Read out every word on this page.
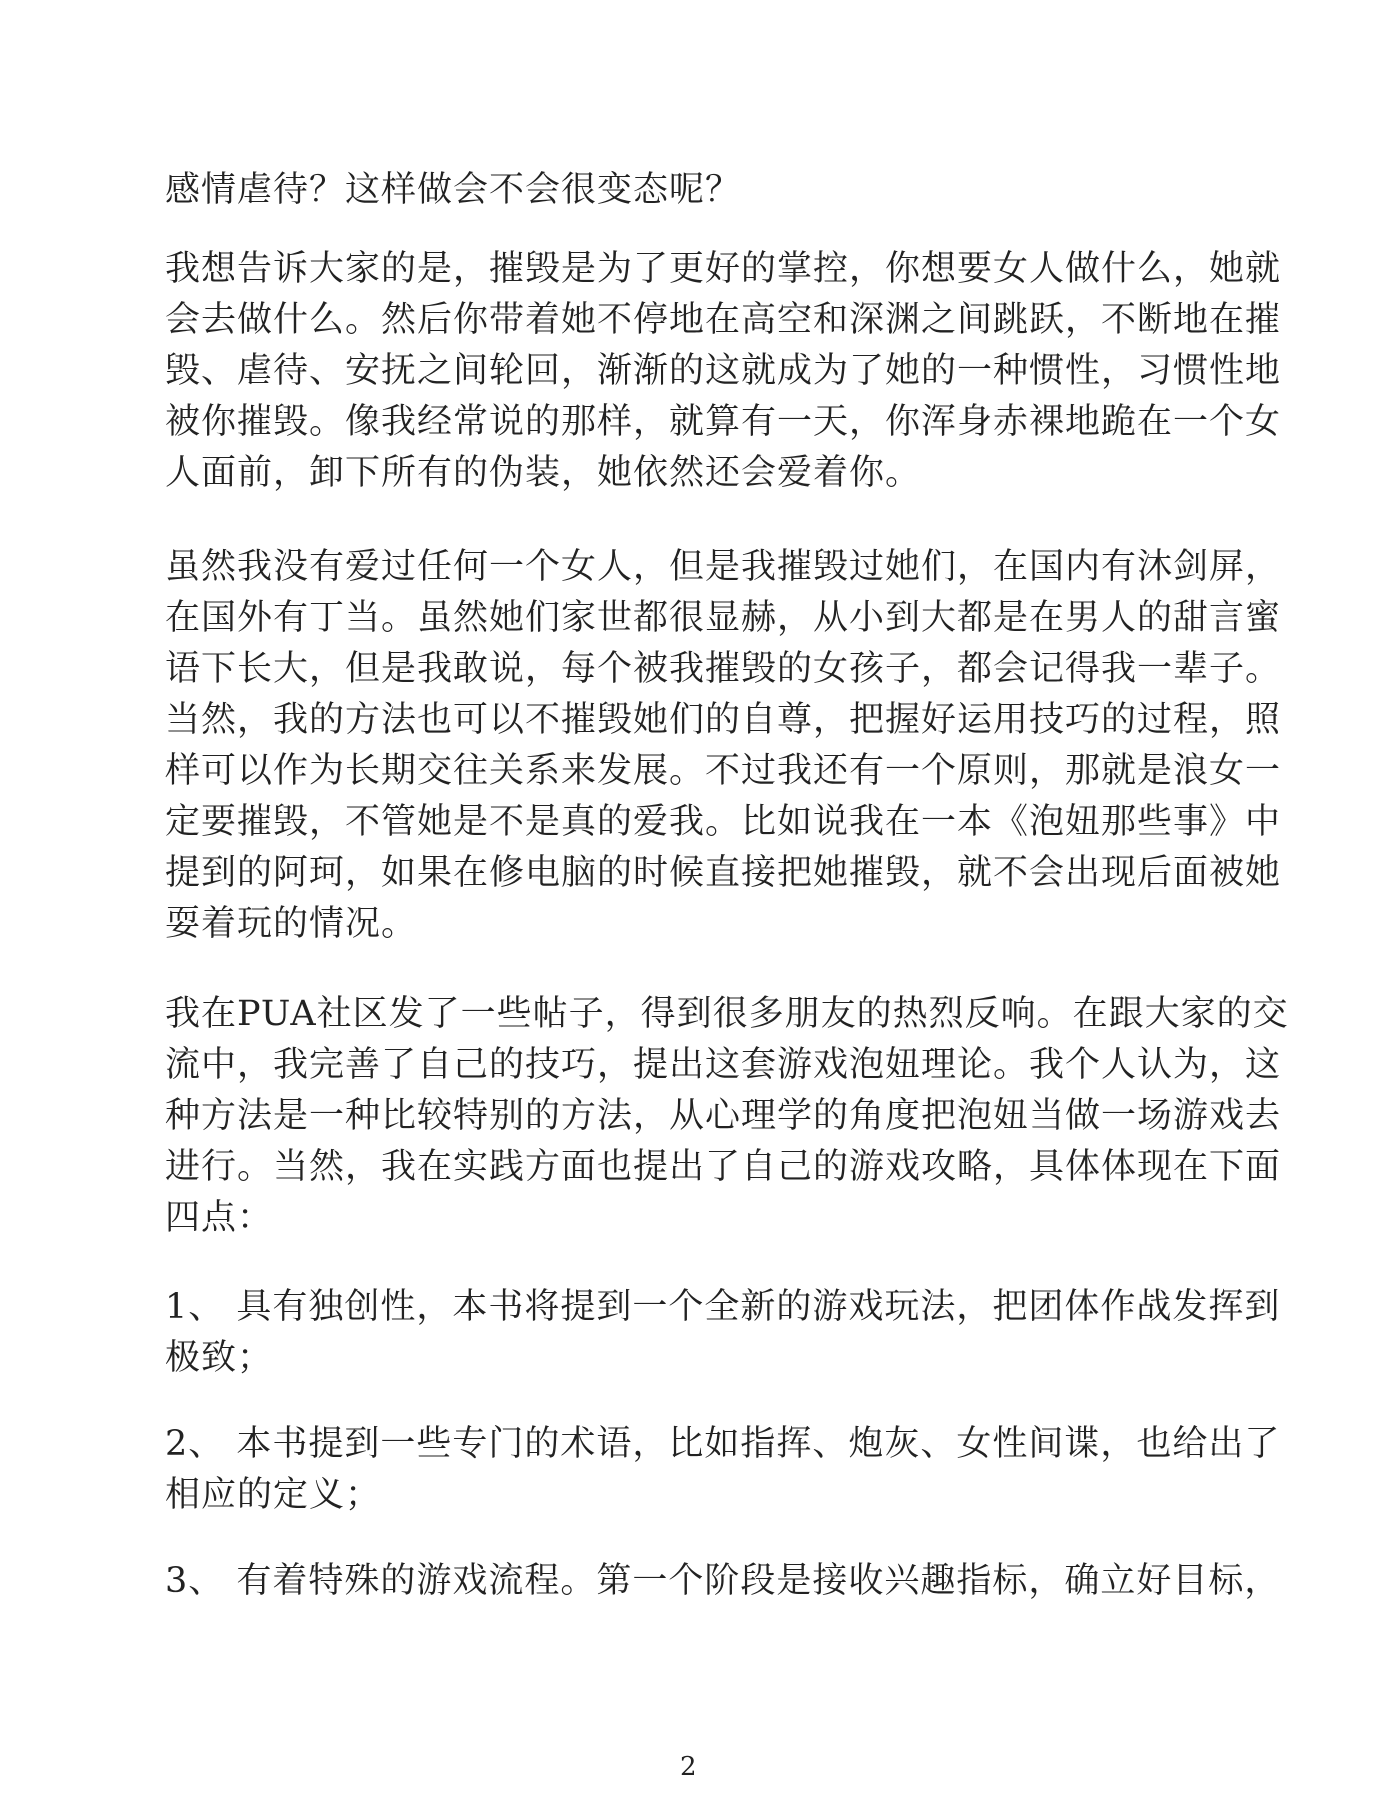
感情虐待？这样做会不会很变态呢？
我想告诉大家的是，摧毁是为了更好的掌控，你想要女人做什么，她就
会去做什么。然后你带着她不停地在高空和深渊之间跳跃，不断地在摧
毁、虐待、安抚之间轮回，渐渐的这就成为了她的一种惯性，习惯性地
被你摧毁。像我经常说的那样，就算有一天，你浑身赤裸地跪在一个女
人面前，卸下所有的伪装，她依然还会爱着你。
虽然我没有爱过任何一个女人，但是我摧毁过她们，在国内有沐剑屏，
在国外有丁当。虽然她们家世都很显赫，从小到大都是在男人的甜言蜜
语下长大，但是我敢说，每个被我摧毁的女孩子，都会记得我一辈子。
当然，我的方法也可以不摧毁她们的自尊，把握好运用技巧的过程，照
样可以作为长期交往关系来发展。不过我还有一个原则，那就是浪女一
定要摧毁，不管她是不是真的爱我。比如说我在一本《泡妞那些事》中
提到的阿珂，如果在修电脑的时候直接把她摧毁，就不会出现后面被她
耍着玩的情况。
我在PUA社区发了一些帖子，得到很多朋友的热烈反响。在跟大家的交
流中，我完善了自己的技巧，提出这套游戏泡妞理论。我个人认为，这
种方法是一种比较特别的方法，从心理学的角度把泡妞当做一场游戏去
进行。当然，我在实践方面也提出了自己的游戏攻略，具体体现在下面
四点：
1、 具有独创性，本书将提到一个全新的游戏玩法，把团体作战发挥到
极致；
2、 本书提到一些专门的术语，比如指挥、炮灰、女性间谍，也给出了
相应的定义；
3、 有着特殊的游戏流程。第一个阶段是接收兴趣指标，确立好目标，
2
